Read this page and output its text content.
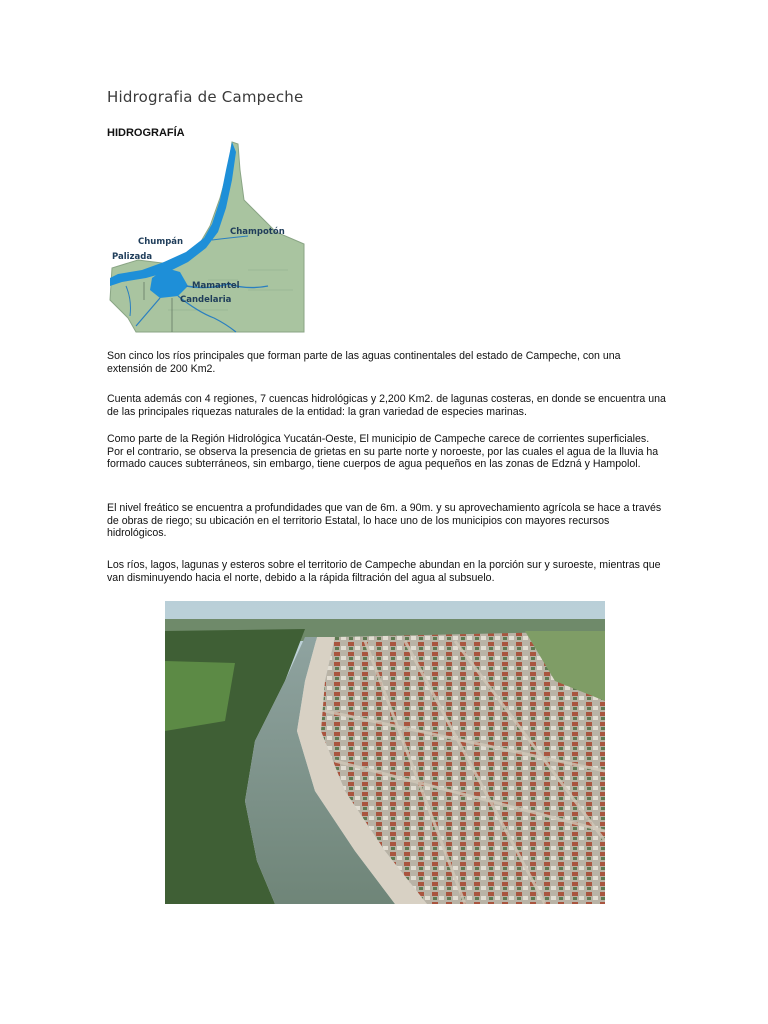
Hidrografia de Campeche
HIDROGRAFÍA
Champotón
Chumpán
Palizada
Mamantel
Candelaria

Son cinco los ríos principales que forman parte de las aguas continentales del estado de Campeche, con una extensión de 200 Km2.

Cuenta además con 4 regiones, 7 cuencas hidrológicas y 2,200 Km2. de lagunas costeras, en donde se encuentra una de las principales riquezas naturales de la entidad: la gran variedad de especies marinas.

Como parte de la Región Hidrológica Yucatán-Oeste, El municipio de Campeche carece de corrientes superficiales. Por el contrario, se observa la presencia de grietas en su parte norte y noroeste, por las cuales el agua de la lluvia ha formado cauces subterráneos, sin embargo, tiene cuerpos de agua pequeños en las zonas de Edzná y Hampolol.

El nivel freático se encuentra a profundidades que van de 6m. a 90m. y su aprovechamiento agrícola se hace a través de obras de riego; su ubicación en el territorio Estatal, lo hace uno de los municipios con mayores recursos hidrológicos.

Los ríos, lagos, lagunas y esteros sobre el territorio de Campeche abundan en la porción sur y suroeste, mientras que van disminuyendo hacia el norte, debido a la rápida filtración del agua al subsuelo.
